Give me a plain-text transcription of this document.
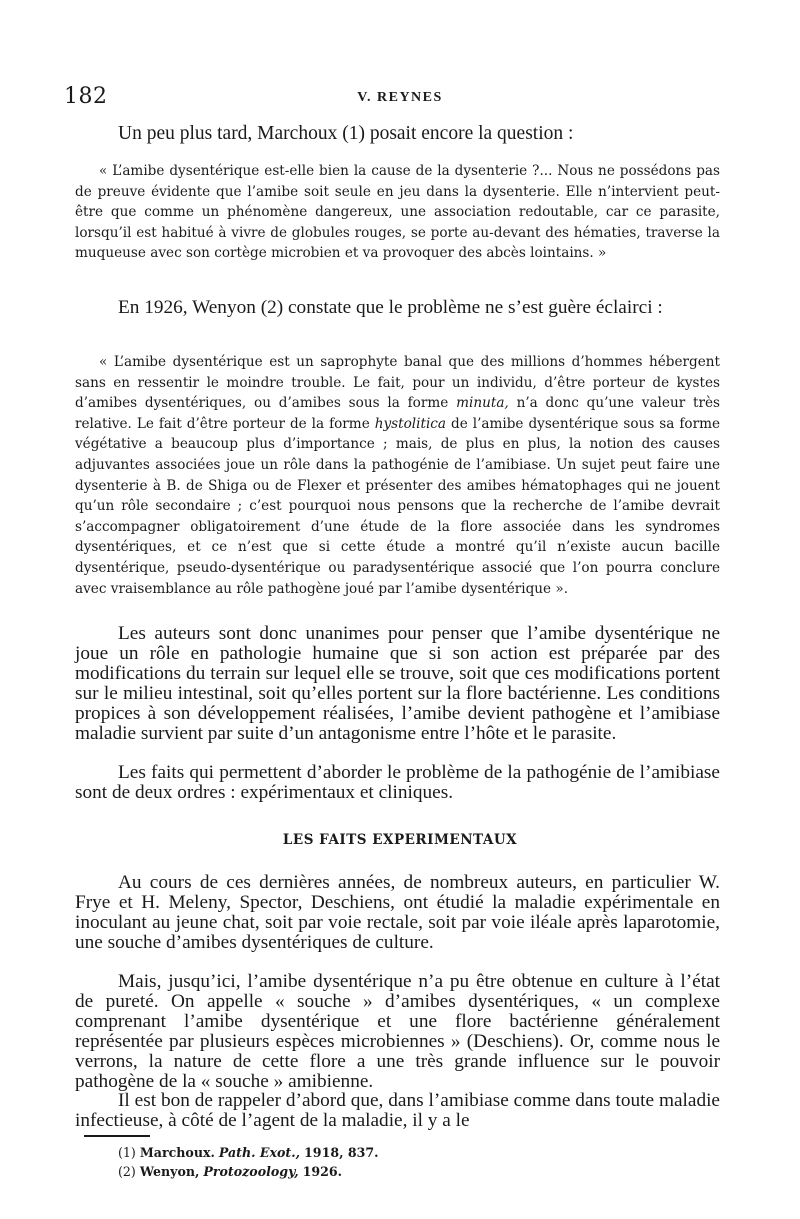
182	V. REYNES

Un peu plus tard, Marchoux (1) posait encore la question :

« L’amibe dysentérique est-elle bien la cause de la dysenterie ?... Nous ne possédons pas de preuve évidente que l’amibe soit seule en jeu dans la dysenterie. Elle n’intervient peut-être que comme un phénomène dangereux, une association redoutable, car ce parasite, lorsqu’il est habitué à vivre de globules rouges, se porte au-devant des hématies, traverse la muqueuse avec son cortège microbien et va provoquer des abcès lointains. »

En 1926, Wenyon (2) constate que le problème ne s’est guère éclairci :

« L’amibe dysentérique est un saprophyte banal que des millions d’hommes hébergent sans en ressentir le moindre trouble. Le fait, pour un individu, d’être porteur de kystes d’amibes dysentériques, ou d’amibes sous la forme minuta, n’a donc qu’une valeur très relative. Le fait d’être porteur de la forme hystolitica de l’amibe dysentérique sous sa forme végétative a beaucoup plus d’importance ; mais, de plus en plus, la notion des causes adjuvantes associées joue un rôle dans la pathogénie de l’amibiase. Un sujet peut faire une dysenterie à B. de Shiga ou de Flexer et présenter des amibes hématophages qui ne jouent qu’un rôle secondaire ; c’est pourquoi nous pensons que la recherche de l’amibe devrait s’accompagner obligatoirement d’une étude de la flore associée dans les syndromes dysentériques, et ce n’est que si cette étude a montré qu’il n’existe aucun bacille dysentérique, pseudo-dysentérique ou paradysentérique associé que l’on pourra conclure avec vraisemblance au rôle pathogène joué par l’amibe dysentérique ».

Les auteurs sont donc unanimes pour penser que l’amibe dysentérique ne joue un rôle en pathologie humaine que si son action est préparée par des modifications du terrain sur lequel elle se trouve, soit que ces modifications portent sur le milieu intestinal, soit qu’elles portent sur la flore bactérienne. Les conditions propices à son développement réalisées, l’amibe devient pathogène et l’amibiase maladie survient par suite d’un antagonisme entre l’hôte et le parasite.

Les faits qui permettent d’aborder le problème de la pathogénie de l’amibiase sont de deux ordres : expérimentaux et cliniques.

LES FAITS EXPERIMENTAUX

Au cours de ces dernières années, de nombreux auteurs, en particulier W. Frye et H. Meleny, Spector, Deschiens, ont étudié la maladie expérimentale en inoculant au jeune chat, soit par voie rectale, soit par voie iléale après laparotomie, une souche d’amibes dysentériques de culture.

Mais, jusqu’ici, l’amibe dysentérique n’a pu être obtenue en culture à l’état de pureté. On appelle « souche » d’amibes dysentériques, « un complexe comprenant l’amibe dysentérique et une flore bactérienne généralement représentée par plusieurs espèces microbiennes » (Deschiens). Or, comme nous le verrons, la nature de cette flore a une très grande influence sur le pouvoir pathogène de la « souche » amibienne.

Il est bon de rappeler d’abord que, dans l’amibiase comme dans toute maladie infectieuse, à côté de l’agent de la maladie, il y a le

(1) Marchoux. Path. Exot., 1918, 837.
(2) Wenyon, Protozoology, 1926.
